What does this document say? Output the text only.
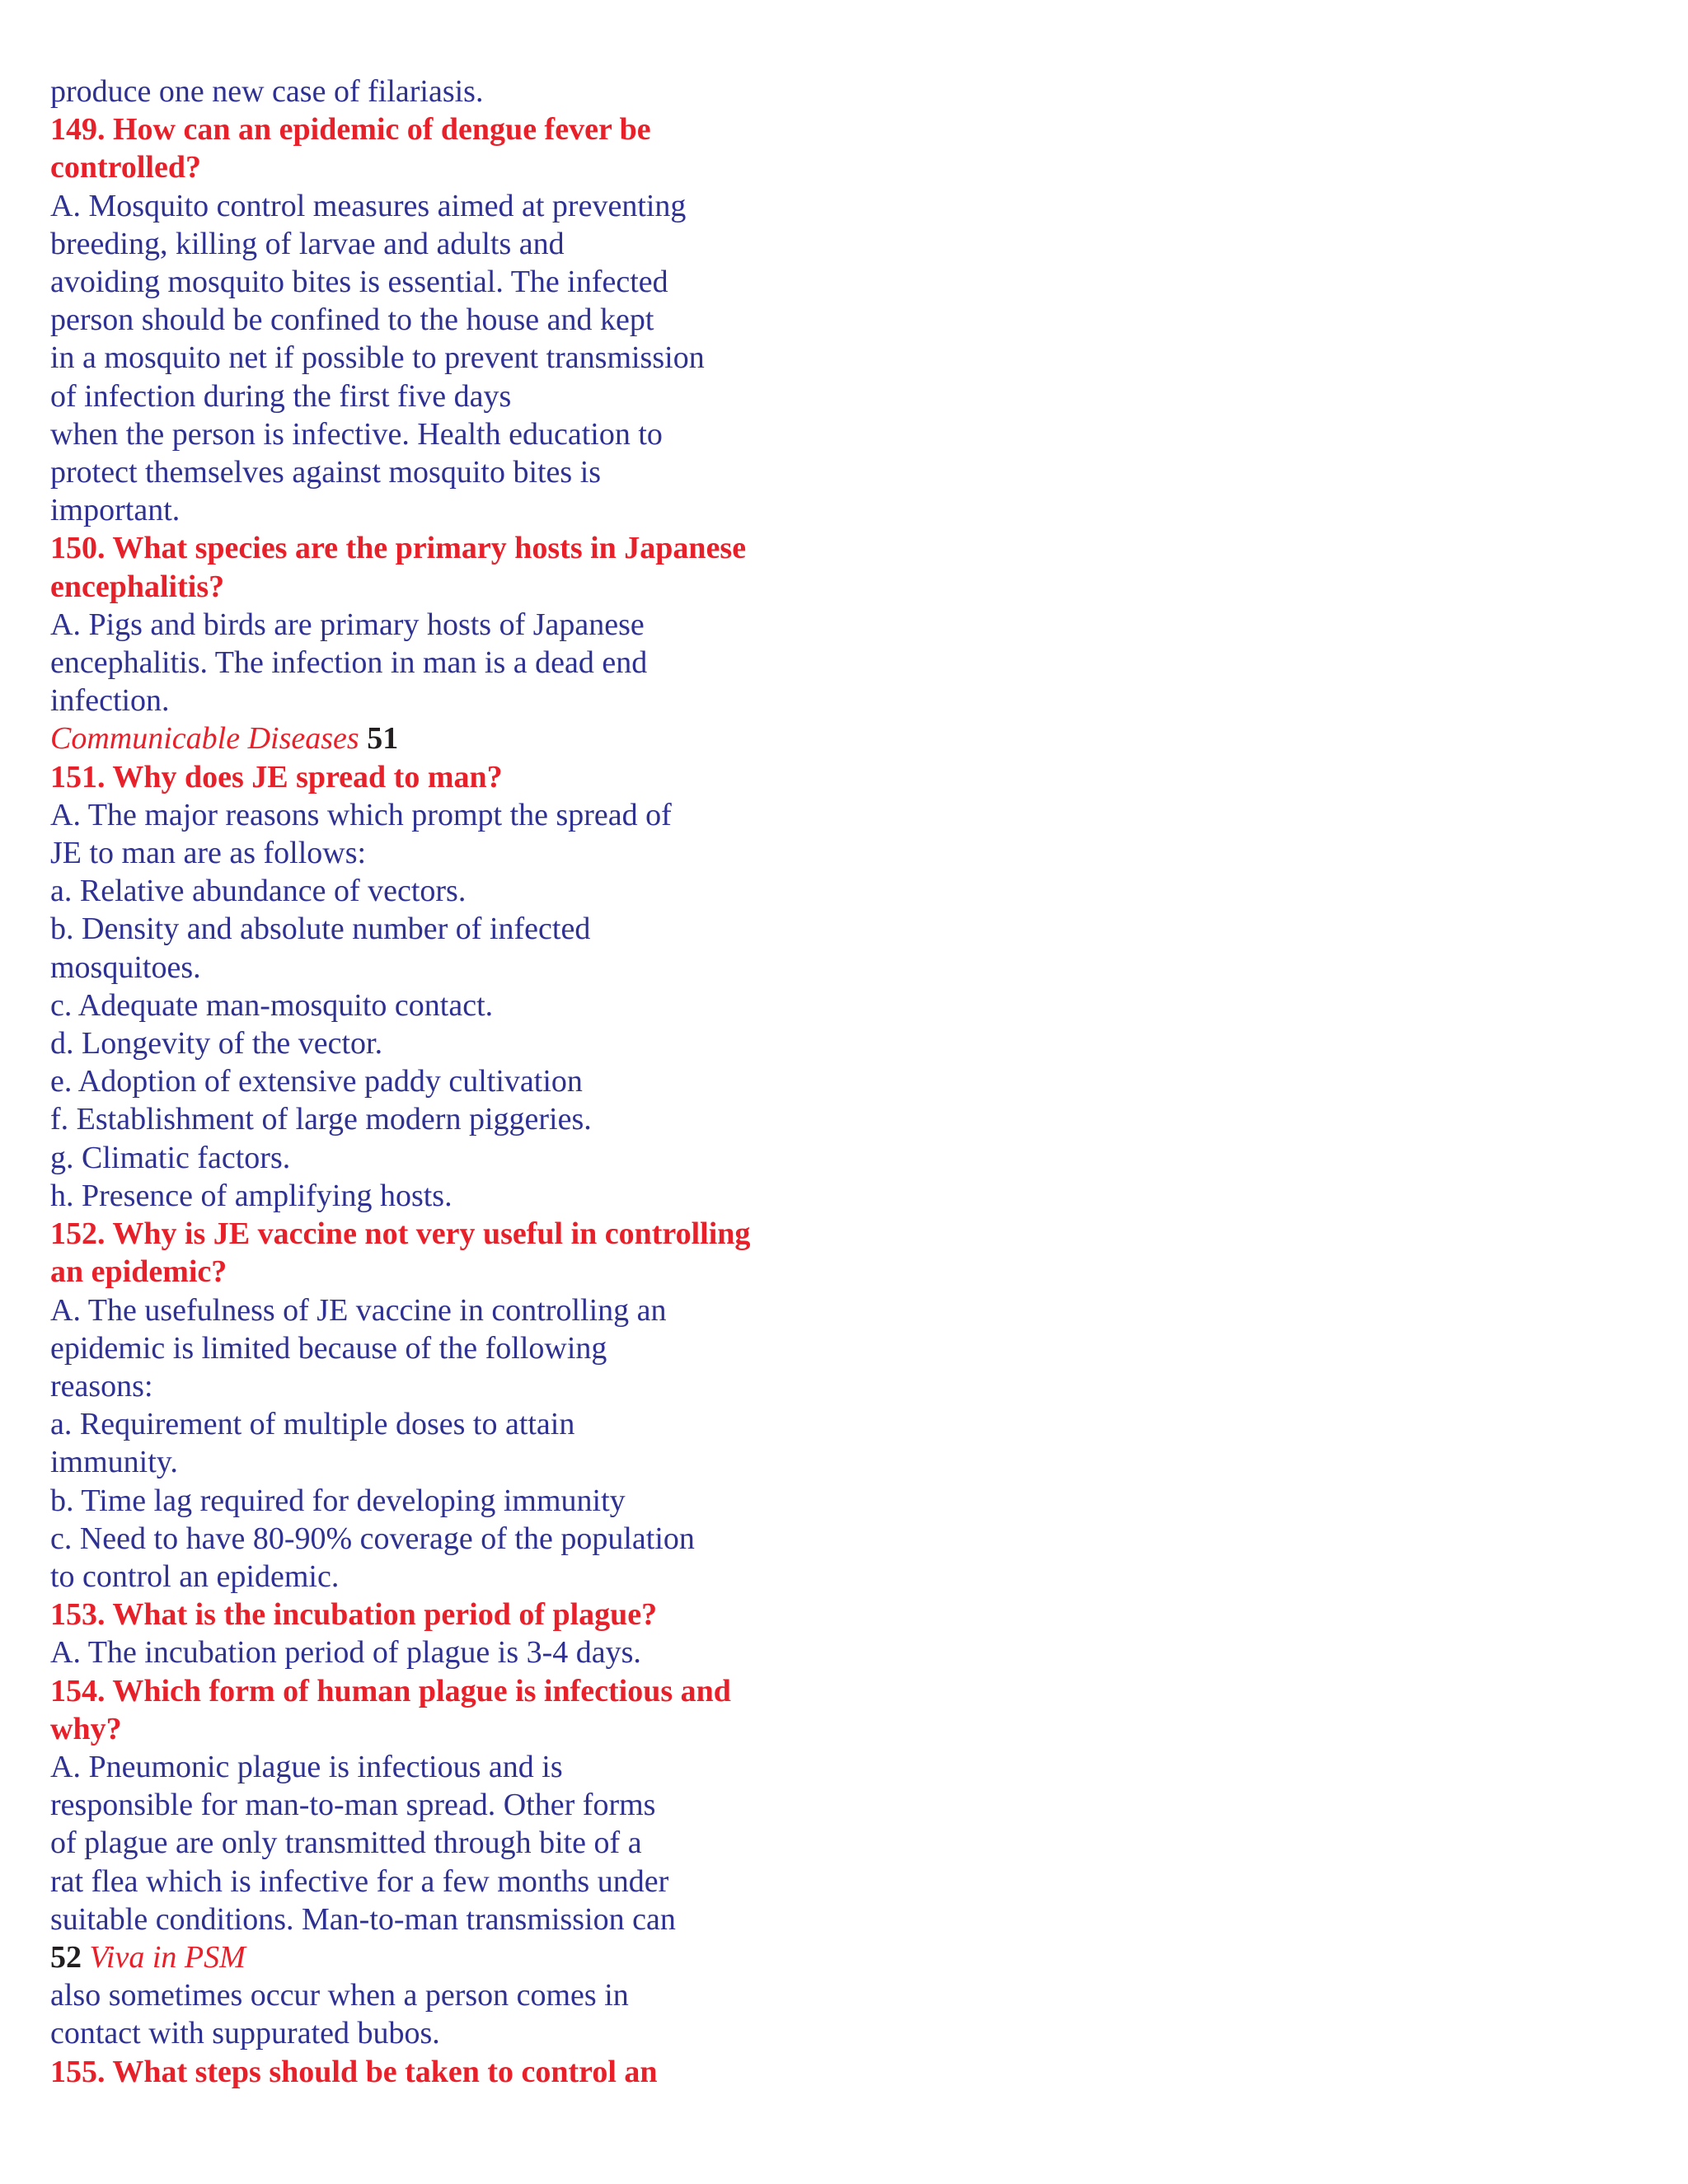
produce one new case of filariasis.
149. How can an epidemic of dengue fever be
controlled?
A. Mosquito control measures aimed at preventing
breeding, killing of larvae and adults and
avoiding mosquito bites is essential. The infected
person should be confined to the house and kept
in a mosquito net if possible to prevent transmission
of infection during the first five days
when the person is infective. Health education to
protect themselves against mosquito bites is
important.
150. What species are the primary hosts in Japanese
encephalitis?
A. Pigs and birds are primary hosts of Japanese
encephalitis. The infection in man is a dead end
infection.
Communicable Diseases 51
151. Why does JE spread to man?
A. The major reasons which prompt the spread of
JE to man are as follows:
a. Relative abundance of vectors.
b. Density and absolute number of infected
mosquitoes.
c. Adequate man-mosquito contact.
d. Longevity of the vector.
e. Adoption of extensive paddy cultivation
f. Establishment of large modern piggeries.
g. Climatic factors.
h. Presence of amplifying hosts.
152. Why is JE vaccine not very useful in controlling
an epidemic?
A. The usefulness of JE vaccine in controlling an
epidemic is limited because of the following
reasons:
a. Requirement of multiple doses to attain
immunity.
b. Time lag required for developing immunity
c. Need to have 80-90% coverage of the population
to control an epidemic.
153. What is the incubation period of plague?
A. The incubation period of plague is 3-4 days.
154. Which form of human plague is infectious and
why?
A. Pneumonic plague is infectious and is
responsible for man-to-man spread. Other forms
of plague are only transmitted through bite of a
rat flea which is infective for a few months under
suitable conditions. Man-to-man transmission can
52 Viva in PSM
also sometimes occur when a person comes in
contact with suppurated bubos.
155. What steps should be taken to control an
